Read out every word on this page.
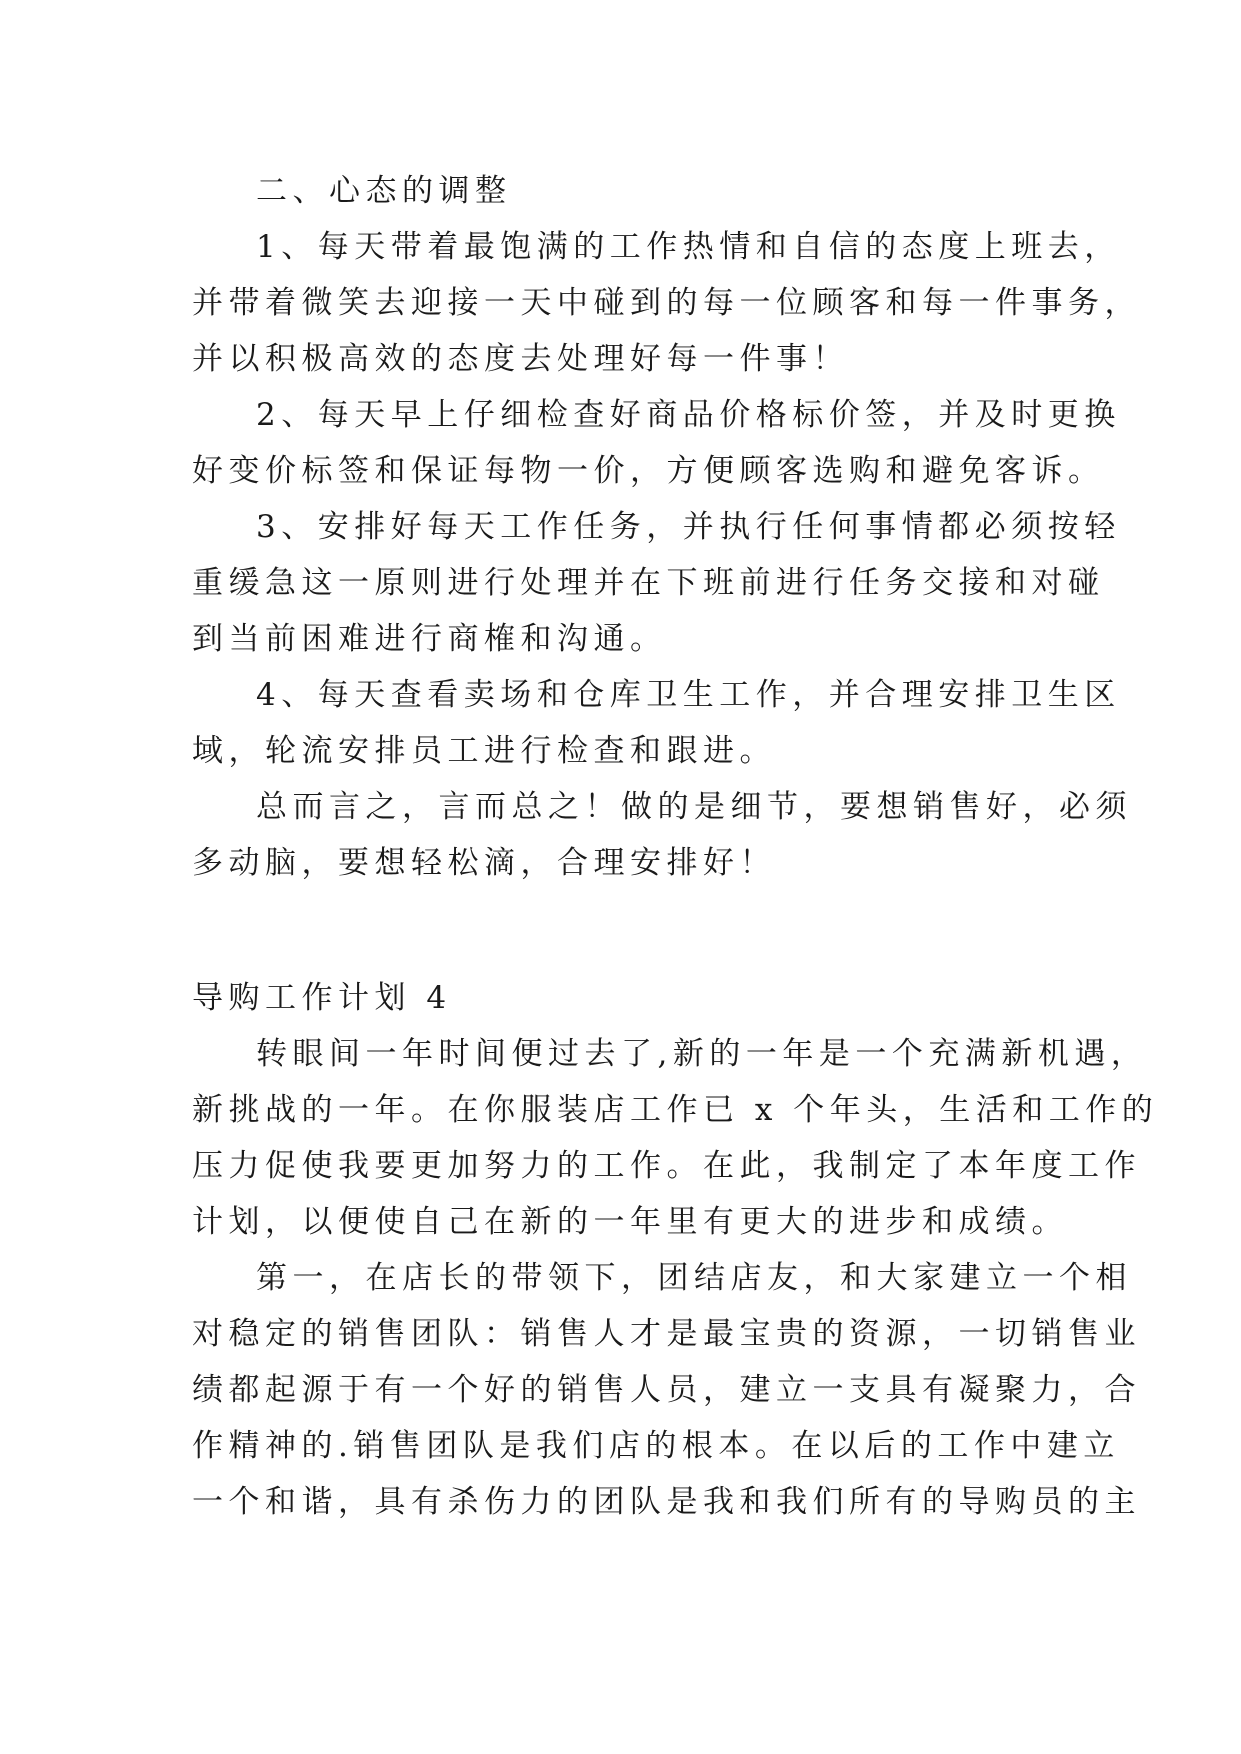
二、心态的调整

1、每天带着最饱满的工作热情和自信的态度上班去，
并带着微笑去迎接一天中碰到的每一位顾客和每一件事务，
并以积极高效的态度去处理好每一件事！

2、每天早上仔细检查好商品价格标价签，并及时更换
好变价标签和保证每物一价，方便顾客选购和避免客诉。

3、安排好每天工作任务，并执行任何事情都必须按轻
重缓急这一原则进行处理并在下班前进行任务交接和对碰
到当前困难进行商榷和沟通。

4、每天查看卖场和仓库卫生工作，并合理安排卫生区
域，轮流安排员工进行检查和跟进。

总而言之，言而总之！做的是细节，要想销售好，必须
多动脑，要想轻松滴，合理安排好！

导购工作计划 4

转眼间一年时间便过去了,新的一年是一个充满新机遇，
新挑战的一年。在你服装店工作已 x 个年头，生活和工作的
压力促使我要更加努力的工作。在此，我制定了本年度工作
计划，以便使自己在新的一年里有更大的进步和成绩。

第一，在店长的带领下，团结店友，和大家建立一个相
对稳定的销售团队：销售人才是最宝贵的资源，一切销售业
绩都起源于有一个好的销售人员，建立一支具有凝聚力，合
作精神的.销售团队是我们店的根本。在以后的工作中建立
一个和谐，具有杀伤力的团队是我和我们所有的导购员的主
